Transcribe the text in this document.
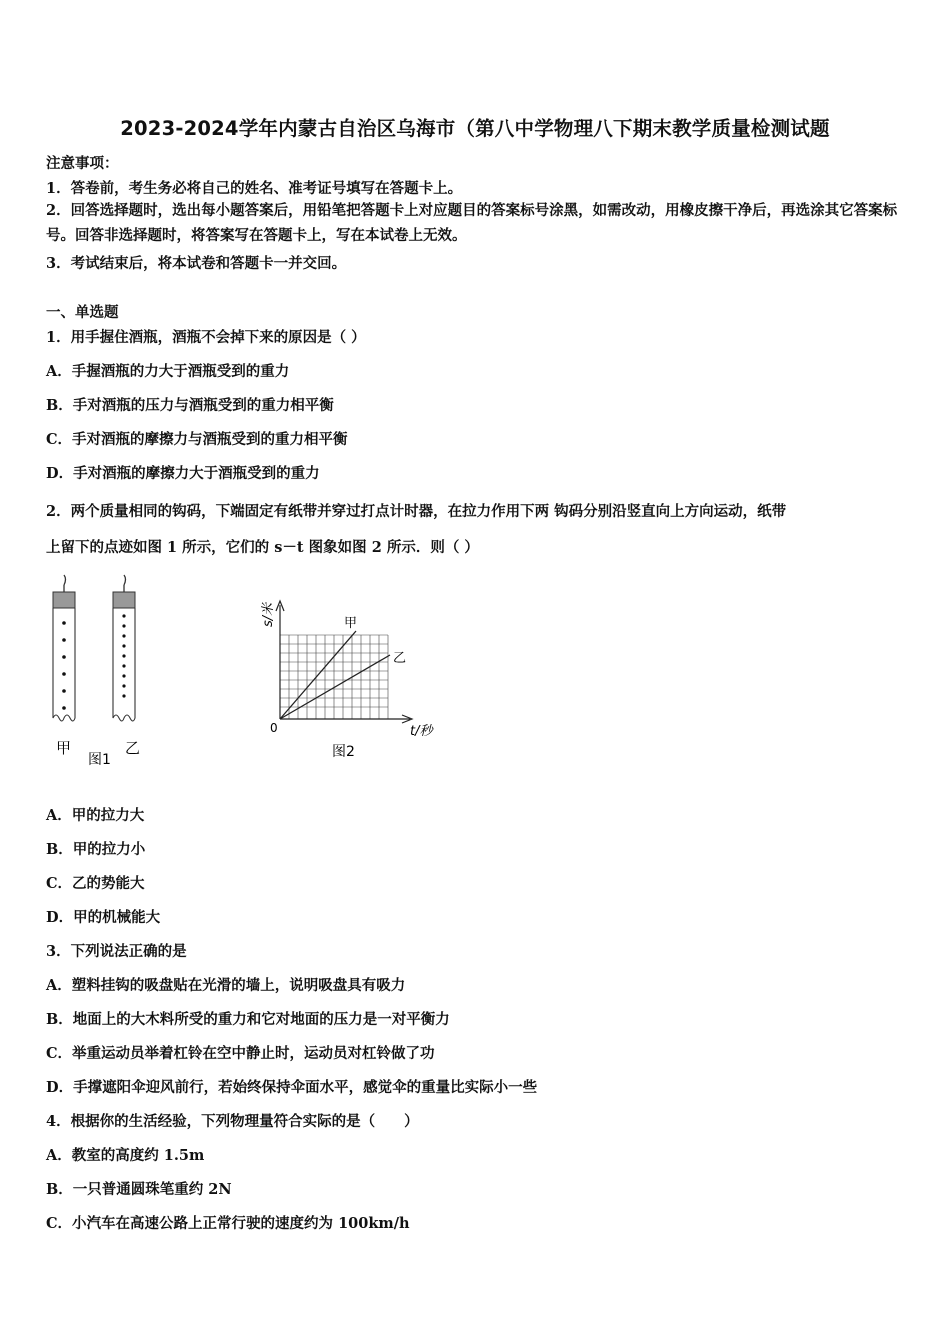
2023-2024学年内蒙古自治区乌海市（第八中学物理八下期末教学质量检测试题
注意事项：
1．答卷前，考生务必将自己的姓名、准考证号填写在答题卡上。
2．回答选择题时，选出每小题答案后，用铅笔把答题卡上对应题目的答案标号涂黑，如需改动，用橡皮擦干净后，再选涂其它答案标号。回答非选择题时，将答案写在答题卡上，写在本试卷上无效。
3．考试结束后，将本试卷和答题卡一并交回。
一、单选题
1．用手握住酒瓶，酒瓶不会掉下来的原因是（ ）
A．手握酒瓶的力大于酒瓶受到的重力
B．手对酒瓶的压力与酒瓶受到的重力相平衡
C．手对酒瓶的摩擦力与酒瓶受到的重力相平衡
D．手对酒瓶的摩擦力大于酒瓶受到的重力
2．两个质量相同的钩码，下端固定有纸带并穿过打点计时器，在拉力作用下两 钩码分别沿竖直向上方向运动，纸带
上留下的点迹如图 1 所示，它们的 s－t 图象如图 2 所示．则（ ）
甲	乙
图1
甲
乙
0	t/秒
s/米
图2
A．甲的拉力大
B．甲的拉力小
C．乙的势能大
D．甲的机械能大
3．下列说法正确的是
A．塑料挂钩的吸盘贴在光滑的墙上，说明吸盘具有吸力
B．地面上的大木料所受的重力和它对地面的压力是一对平衡力
C．举重运动员举着杠铃在空中静止时，运动员对杠铃做了功
D．手撑遮阳伞迎风前行，若始终保持伞面水平，感觉伞的重量比实际小一些
4．根据你的生活经验，下列物理量符合实际的是（　　）
A．教室的高度约 1.5m
B．一只普通圆珠笔重约 2N
C．小汽车在高速公路上正常行驶的速度约为 100km/h
